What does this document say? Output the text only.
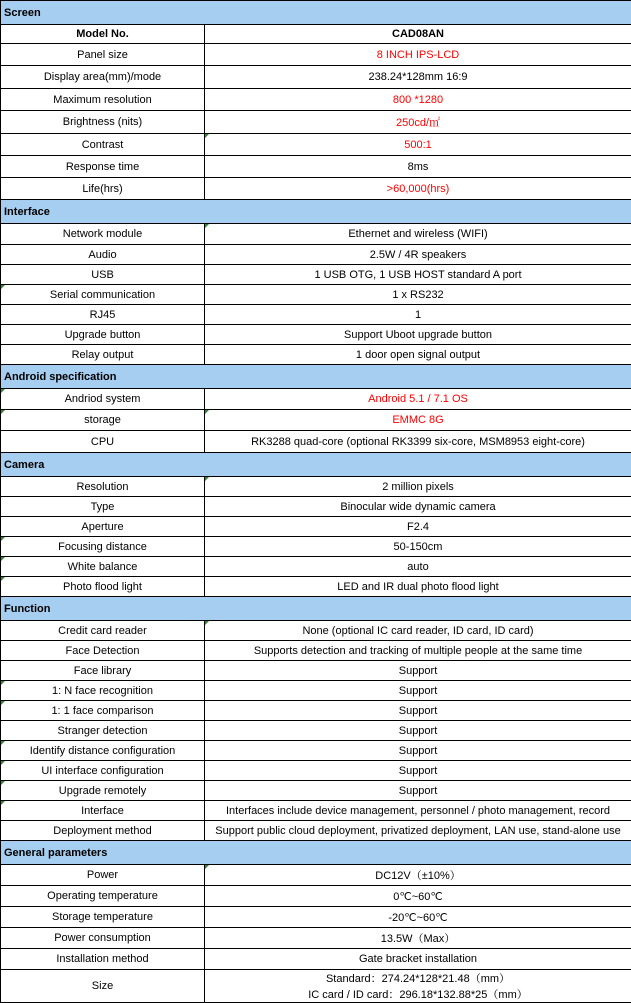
Screen	
Model No.	CAD08AN
Panel size	8 INCH IPS-LCD
Display area(mm)/mode	238.24*128mm 16:9
Maximum resolution	800 *1280
Brightness (nits)	250cd/㎡
Contrast	500:1
Response time	8ms
Life(hrs)	>60,000(hrs)
Interface	
Network module	Ethernet and wireless (WIFI)
Audio	2.5W / 4R speakers
USB	1 USB OTG, 1 USB HOST standard A port
Serial communication	1 x RS232
RJ45	1
Upgrade button	Support Uboot upgrade button
Relay output	1 door open signal output
Android specification	
Andriod system	Android 5.1 / 7.1 OS
storage	EMMC 8G
CPU	RK3288 quad-core (optional RK3399 six-core, MSM8953 eight-core)
Camera	
Resolution	2 million pixels
Type	Binocular wide dynamic camera
Aperture	F2.4
Focusing distance	50-150cm
White balance	auto
Photo flood light	LED and IR dual photo flood light
Function	
Credit card reader	None (optional IC card reader, ID card, ID card)
Face Detection	Supports detection and tracking of multiple people at the same time
Face library	Support
1: N face recognition	Support
1: 1 face comparison	Support
Stranger detection	Support
Identify distance configuration	Support
UI interface configuration	Support
Upgrade remotely	Support
Interface	Interfaces include device management, personnel / photo management, record
Deployment method	Support public cloud deployment, privatized deployment, LAN use, stand-alone use
General parameters	
Power	DC12V（±10%）
Operating temperature	0℃~60℃
Storage temperature	-20℃~60℃
Power consumption	13.5W（Max）
Installation method	Gate bracket installation
Size	Standard：274.24*128*21.48（mm）
IC card / ID card：296.18*132.88*25（mm）
